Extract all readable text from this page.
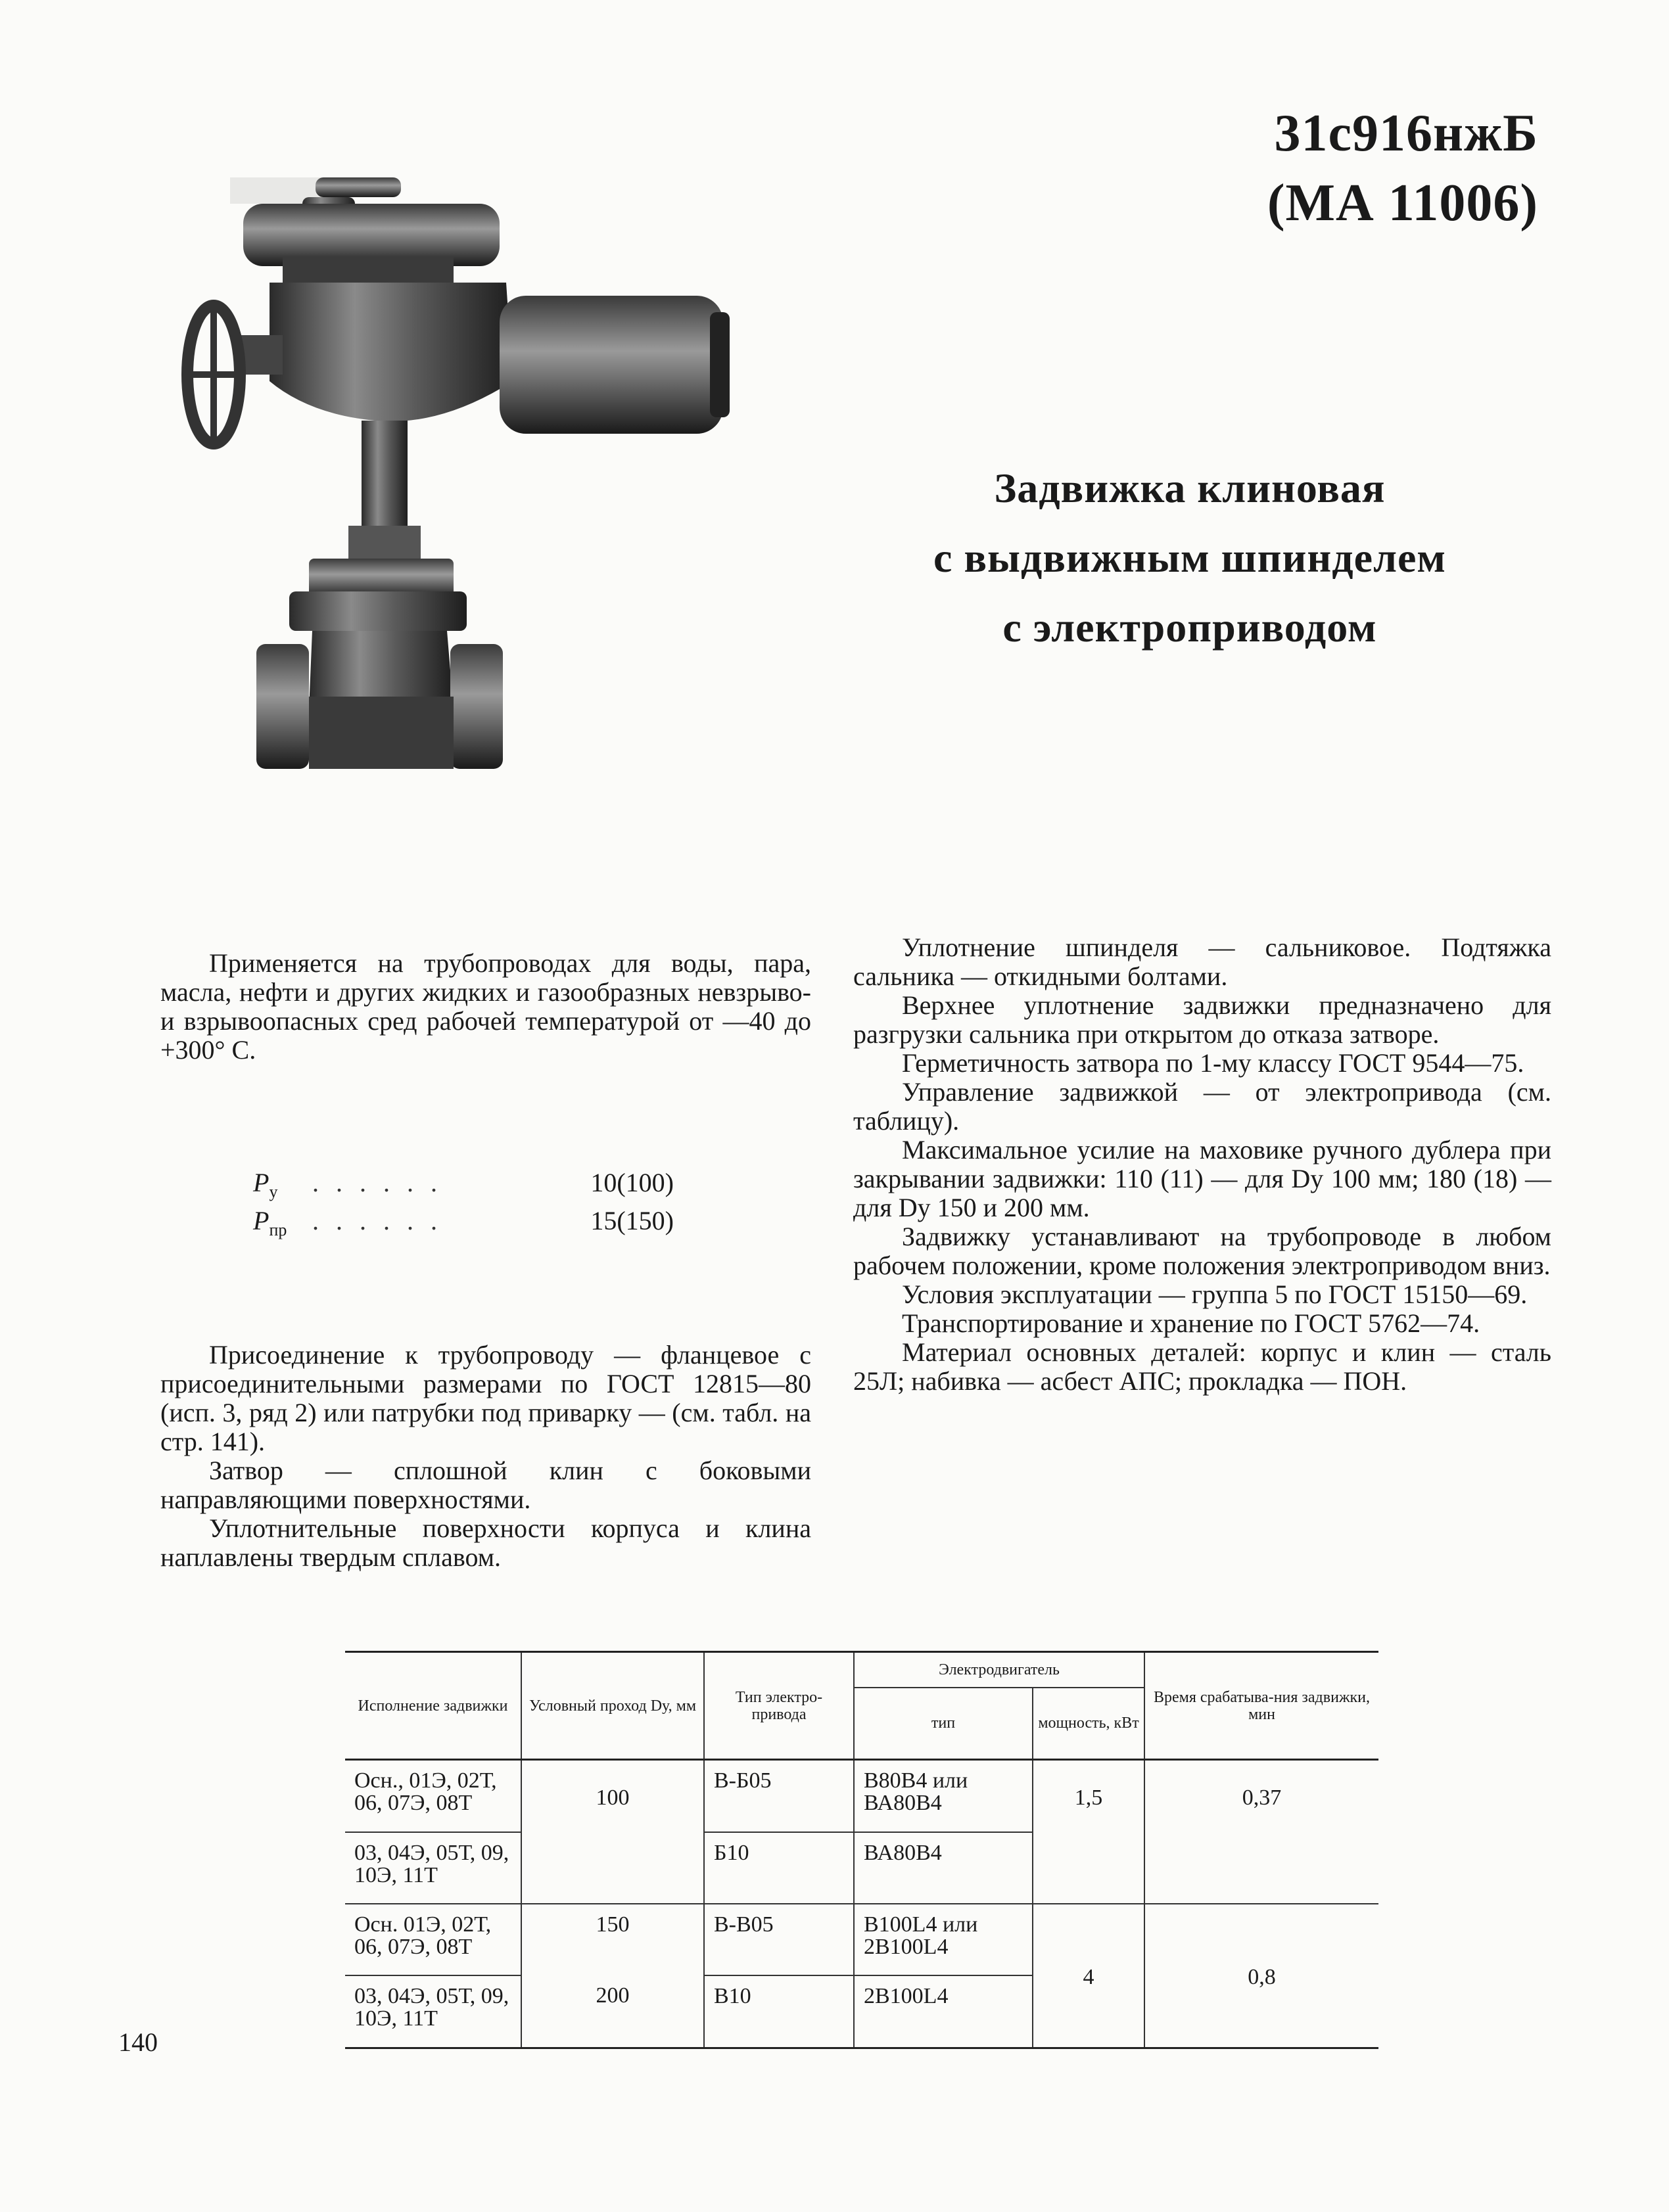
31с916нжБ
(МА 11006)
Задвижка клиновая
с выдвижным шпинделем
с электроприводом

Применяется на трубопроводах для воды, пара, масла, нефти и других жидких и газообразных невзрыво- и взрывоопасных сред рабочей температурой от —40 до +300° С.

$P_у$	......	10(100)
$P_{пр}$ ......	15(150)

Присоединение к трубопроводу — фланцевое с присоединительными размерами по ГОСТ 12815—80 (исп. 3, ряд 2) или патрубки под приварку — (см. табл. на стр. 141).

Затвор — сплошной клин с боковыми направляющими поверхностями.

Уплотнительные поверхности корпуса и клина наплавлены твердым сплавом.

Уплотнение шпинделя — сальниковое. Подтяжка сальника — откидными болтами.

Верхнее уплотнение задвижки предназначено для разгрузки сальника при открытом до отказа затворе.

Герметичность затвора по 1-му классу ГОСТ 9544—75.

Управление задвижкой — от электропривода (см. таблицу).

Максимальное усилие на маховике ручного дублера при закрывании задвижки: 110 (11) — для Dу 100 мм; 180 (18) — для Dу 150 и 200 мм.

Задвижку устанавливают на трубопроводе в любом рабочем положении, кроме положения электроприводом вниз.

Условия эксплуатации — группа 5 по ГОСТ 15150—69.

Транспортирование и хранение по ГОСТ 5762—74.

Материал основных деталей: корпус и клин — сталь 25Л; набивка — асбест АПС; прокладка — ПОН.

Исполнение задвижки	Условный проход Dу, мм	Тип электро-привода	Электродвигатель		Время срабатыва-ния задвижки, мин
			тип	мощность, кВт	
Осн., 01Э, 02Т, 06, 07Э, 08Т	100	В-Б05	В80В4 или ВА80В4	1,5	0,37
03, 04Э, 05Т, 09, 10Э, 11Т		Б10	ВА80В4		
Осн. 01Э, 02Т, 06, 07Э, 08Т	150	В-В05	В100L4 или 2В100L4	4	0,8
03, 04Э, 05Т, 09, 10Э, 11Т	200	В10	2В100L4		
140
